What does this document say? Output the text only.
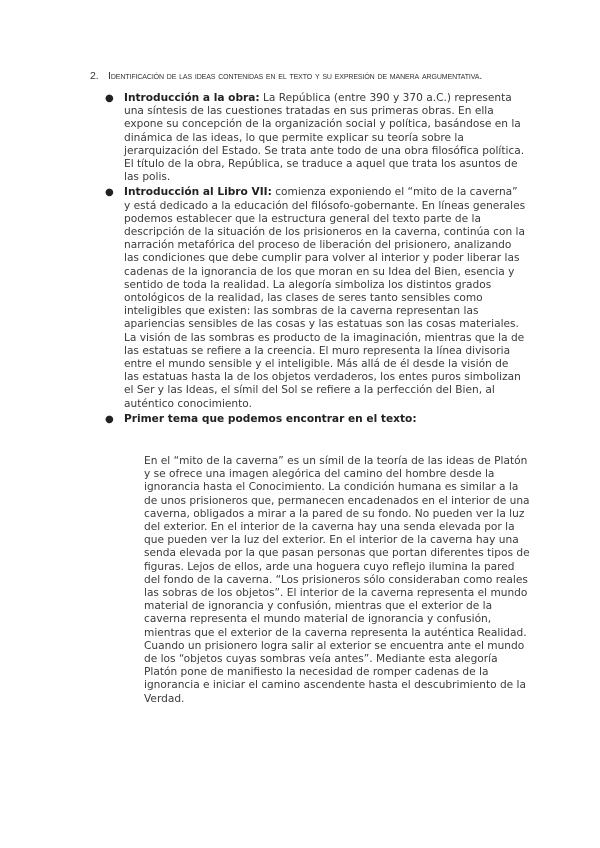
2. Identificación de las ideas contenidas en el texto y su expresión de manera argumentativa.
● Introducción a la obra: La República (entre 390 y 370 a.C.) representa una síntesis de las cuestiones tratadas en sus primeras obras. En ella expone su concepción de la organización social y política, basándose en la dinámica de las ideas, lo que permite explicar su teoría sobre la jerarquización del Estado. Se trata ante todo de una obra filosófica política. El título de la obra, República, se traduce a aquel que trata los asuntos de las polis.
● Introducción al Libro VII: comienza exponiendo el “mito de la caverna” y está dedicado a la educación del filósofo-gobernante. En líneas generales podemos establecer que la estructura general del texto parte de la descripción de la situación de los prisioneros en la caverna, continúa con la narración metafórica del proceso de liberación del prisionero, analizando las condiciones que debe cumplir para volver al interior y poder liberar las cadenas de la ignorancia de los que moran en su Idea del Bien, esencia y sentido de toda la realidad. La alegoría simboliza los distintos grados ontológicos de la realidad, las clases de seres tanto sensibles como inteligibles que existen: las sombras de la caverna representan las apariencias sensibles de las cosas y las estatuas son las cosas materiales. La visión de las sombras es producto de la imaginación, mientras que la de las estatuas se refiere a la creencia. El muro representa la línea divisoria entre el mundo sensible y el inteligible. Más allá de él desde la visión de las estatuas hasta la de los objetos verdaderos, los entes puros simbolizan el Ser y las Ideas, el símil del Sol se refiere a la perfección del Bien, al auténtico conocimiento.
● Primer tema que podemos encontrar en el texto:

En el “mito de la caverna” es un símil de la teoría de las ideas de Platón y se ofrece una imagen alegórica del camino del hombre desde la ignorancia hasta el Conocimiento. La condición humana es similar a la de unos prisioneros que, permanecen encadenados en el interior de una caverna, obligados a mirar a la pared de su fondo. No pueden ver la luz del exterior. En el interior de la caverna hay una senda elevada por la que pueden ver la luz del exterior. En el interior de la caverna hay una senda elevada por la que pasan personas que portan diferentes tipos de figuras. Lejos de ellos, arde una hoguera cuyo reflejo ilumina la pared del fondo de la caverna. “Los prisioneros sólo consideraban como reales las sobras de los objetos”. El interior de la caverna representa el mundo material de ignorancia y confusión, mientras que el exterior de la caverna representa el mundo material de ignorancia y confusión, mientras que el exterior de la caverna representa la auténtica Realidad. Cuando un prisionero logra salir al exterior se encuentra ante el mundo de los “objetos cuyas sombras veía antes”. Mediante esta alegoría Platón pone de manifiesto la necesidad de romper cadenas de la ignorancia e iniciar el camino ascendente hasta el descubrimiento de la Verdad.
